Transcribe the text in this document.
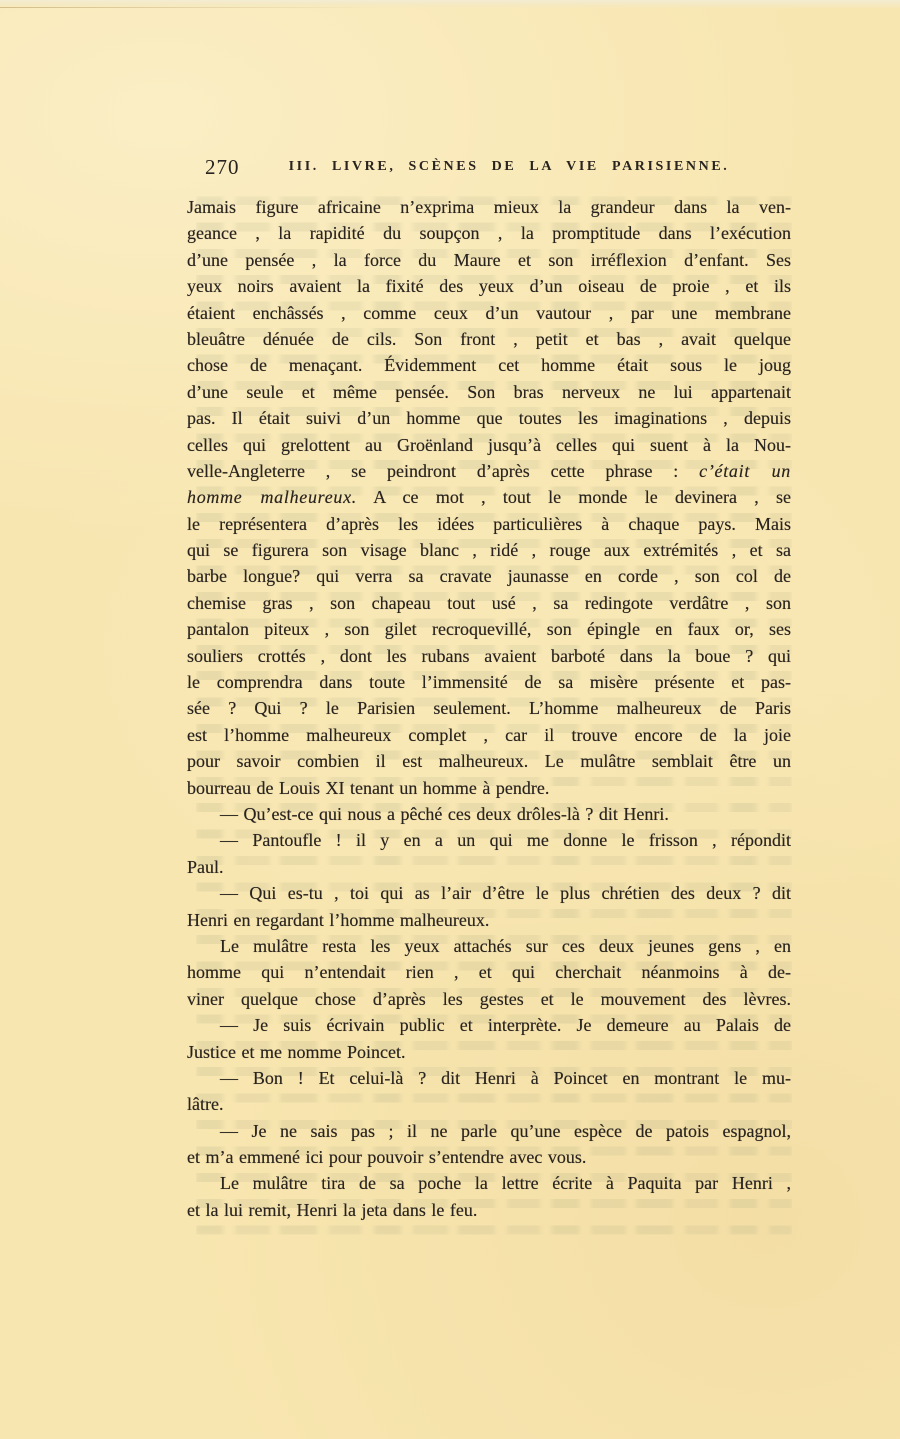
270	III. LIVRE, SCÈNES DE LA VIE PARISIENNE.
Jamais figure africaine n’exprima mieux la grandeur dans la ven-
geance , la rapidité du soupçon , la promptitude dans l’exécution
d’une pensée , la force du Maure et son irréflexion d’enfant. Ses
yeux noirs avaient la fixité des yeux d’un oiseau de proie , et ils
étaient enchâssés , comme ceux d’un vautour , par une membrane
bleuâtre dénuée de cils. Son front , petit et bas , avait quelque
chose de menaçant. Évidemment cet homme était sous le joug
d’une seule et même pensée. Son bras nerveux ne lui appartenait
pas. Il était suivi d’un homme que toutes les imaginations , depuis
celles qui grelottent au Groënland jusqu’à celles qui suent à la Nou-
velle-Angleterre , se peindront d’après cette phrase : c’était un
homme malheureux. A ce mot , tout le monde le devinera , se
le représentera d’après les idées particulières à chaque pays. Mais
qui se figurera son visage blanc , ridé , rouge aux extrémités , et sa
barbe longue? qui verra sa cravate jaunasse en corde , son col de
chemise gras , son chapeau tout usé , sa redingote verdâtre , son
pantalon piteux , son gilet recroquevillé, son épingle en faux or, ses
souliers crottés , dont les rubans avaient barboté dans la boue ? qui
le comprendra dans toute l’immensité de sa misère présente et pas-
sée ? Qui ? le Parisien seulement. L’homme malheureux de Paris
est l’homme malheureux complet , car il trouve encore de la joie
pour savoir combien il est malheureux. Le mulâtre semblait être un
bourreau de Louis XI tenant un homme à pendre.
— Qu’est-ce qui nous a pêché ces deux drôles-là ? dit Henri.
— Pantoufle ! il y en a un qui me donne le frisson , répondit
Paul.
— Qui es-tu , toi qui as l’air d’être le plus chrétien des deux ? dit
Henri en regardant l’homme malheureux.
Le mulâtre resta les yeux attachés sur ces deux jeunes gens , en
homme qui n’entendait rien , et qui cherchait néanmoins à de-
viner quelque chose d’après les gestes et le mouvement des lèvres.
— Je suis écrivain public et interprète. Je demeure au Palais de
Justice et me nomme Poincet.
— Bon ! Et celui-là ? dit Henri à Poincet en montrant le mu-
lâtre.
— Je ne sais pas ; il ne parle qu’une espèce de patois espagnol,
et m’a emmené ici pour pouvoir s’entendre avec vous.
Le mulâtre tira de sa poche la lettre écrite à Paquita par Henri ,
et la lui remit, Henri la jeta dans le feu.
